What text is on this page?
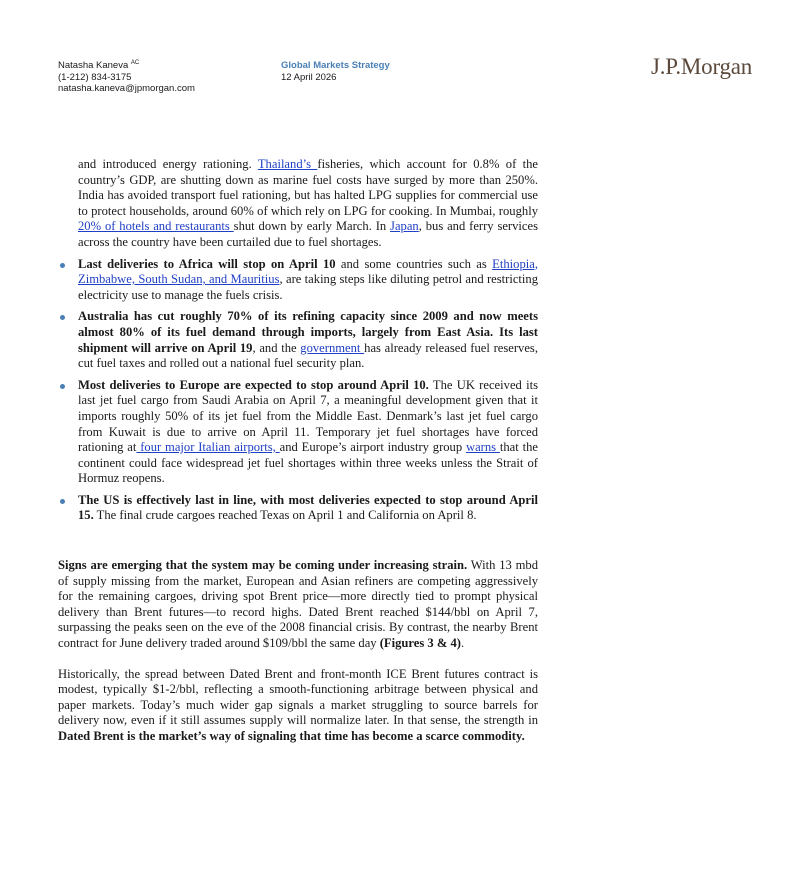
Natasha Kaneva $^{AC}$
(1-212) 834-3175
natasha.kaneva@jpmorgan.com
Global Markets Strategy
12 April 2026	J.P.Morgan

and introduced energy rationing. Thailand’s fisheries, which account for 0.8% of the country’s GDP, are shutting down as marine fuel costs have surged by more than 250%. India has avoided transport fuel rationing, but has halted LPG supplies for commercial use to protect households, around 60% of which rely on LPG for cooking. In Mumbai, roughly 20% of hotels and restaurants shut down by early March. In Japan, bus and ferry services across the country have been curtailed due to fuel shortages.

Last deliveries to Africa will stop on April 10 and some countries such as Ethiopia, Zimbabwe, South Sudan, and Mauritius, are taking steps like diluting petrol and restricting electricity use to manage the fuels crisis.
Australia has cut roughly 70% of its refining capacity since 2009 and now meets almost 80% of its fuel demand through imports, largely from East Asia. Its last shipment will arrive on April 19, and the government has already released fuel reserves, cut fuel taxes and rolled out a national fuel security plan.
Most deliveries to Europe are expected to stop around April 10. The UK received its last jet fuel cargo from Saudi Arabia on April 7, a meaningful development given that it imports roughly 50% of its jet fuel from the Middle East. Denmark’s last jet fuel cargo from Kuwait is due to arrive on April 11. Temporary jet fuel shortages have forced rationing at four major Italian airports, and Europe’s airport industry group warns that the continent could face widespread jet fuel shortages within three weeks unless the Strait of Hormuz reopens.
The US is effectively last in line, with most deliveries expected to stop around April 15. The final crude cargoes reached Texas on April 1 and California on April 8.

Signs are emerging that the system may be coming under increasing strain. With 13 mbd of supply missing from the market, European and Asian refiners are competing aggressively for the remaining cargoes, driving spot Brent price—more directly tied to prompt physical delivery than Brent futures—to record highs. Dated Brent reached $144/bbl on April 7, surpassing the peaks seen on the eve of the 2008 financial crisis. By contrast, the nearby Brent contract for June delivery traded around $109/bbl the same day (Figures 3 & 4).

Historically, the spread between Dated Brent and front-month ICE Brent futures contract is modest, typically $1-2/bbl, reflecting a smooth-functioning arbitrage between physical and paper markets. Today’s much wider gap signals a market struggling to source barrels for delivery now, even if it still assumes supply will normalize later. In that sense, the strength in Dated Brent is the market’s way of signaling that time has become a scarce commodity.
